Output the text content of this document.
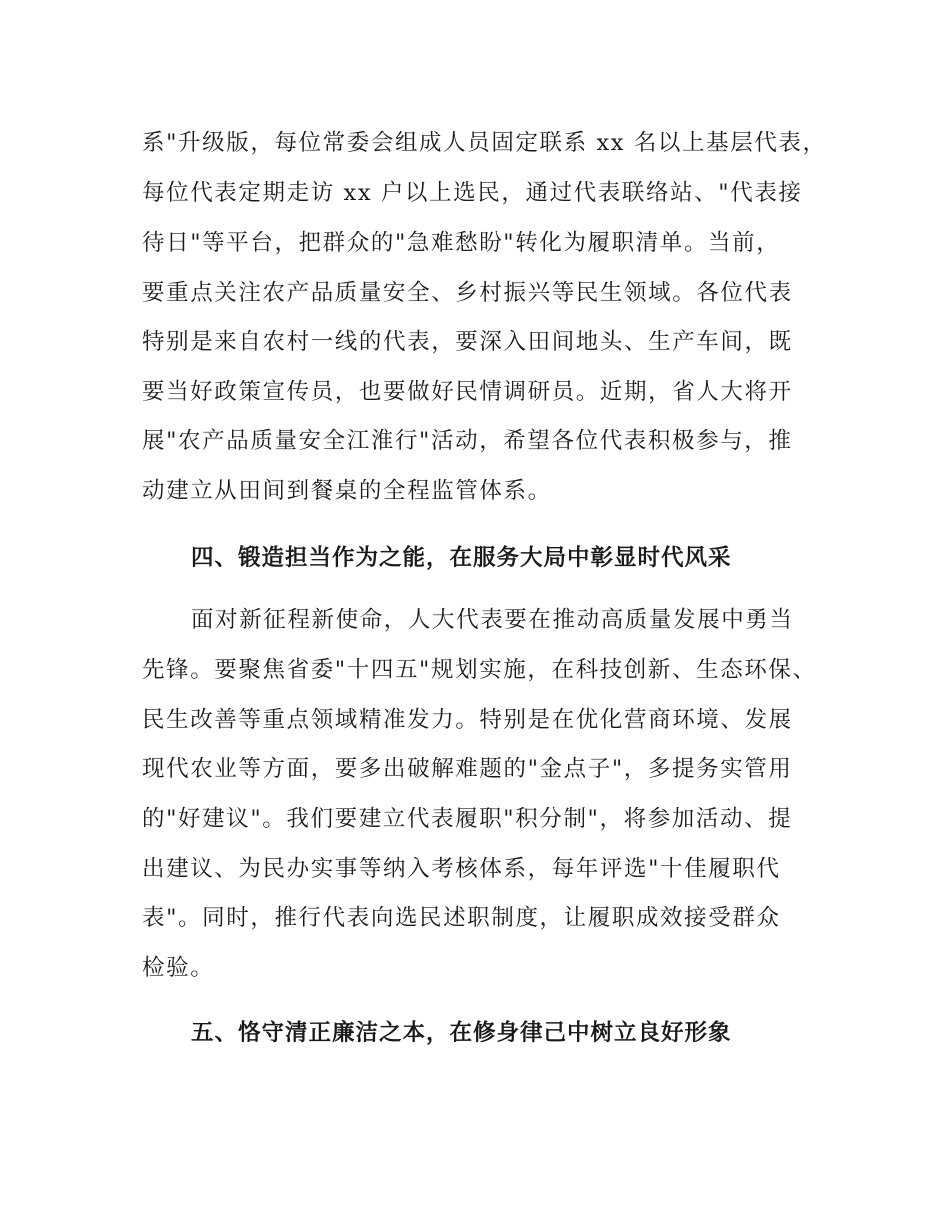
系"升级版，每位常委会组成人员固定联系 xx 名以上基层代表，
每位代表定期走访 xx 户以上选民，通过代表联络站、"代表接
待日"等平台，把群众的"急难愁盼"转化为履职清单。当前，
要重点关注农产品质量安全、乡村振兴等民生领域。各位代表
特别是来自农村一线的代表，要深入田间地头、生产车间，既
要当好政策宣传员，也要做好民情调研员。近期，省人大将开
展"农产品质量安全江淮行"活动，希望各位代表积极参与，推
动建立从田间到餐桌的全程监管体系。
四、锻造担当作为之能，在服务大局中彰显时代风采
面对新征程新使命，人大代表要在推动高质量发展中勇当
先锋。要聚焦省委"十四五"规划实施，在科技创新、生态环保、
民生改善等重点领域精准发力。特别是在优化营商环境、发展
现代农业等方面，要多出破解难题的"金点子"，多提务实管用
的"好建议"。我们要建立代表履职"积分制"，将参加活动、提
出建议、为民办实事等纳入考核体系，每年评选"十佳履职代
表"。同时，推行代表向选民述职制度，让履职成效接受群众
检验。
五、恪守清正廉洁之本，在修身律己中树立良好形象
